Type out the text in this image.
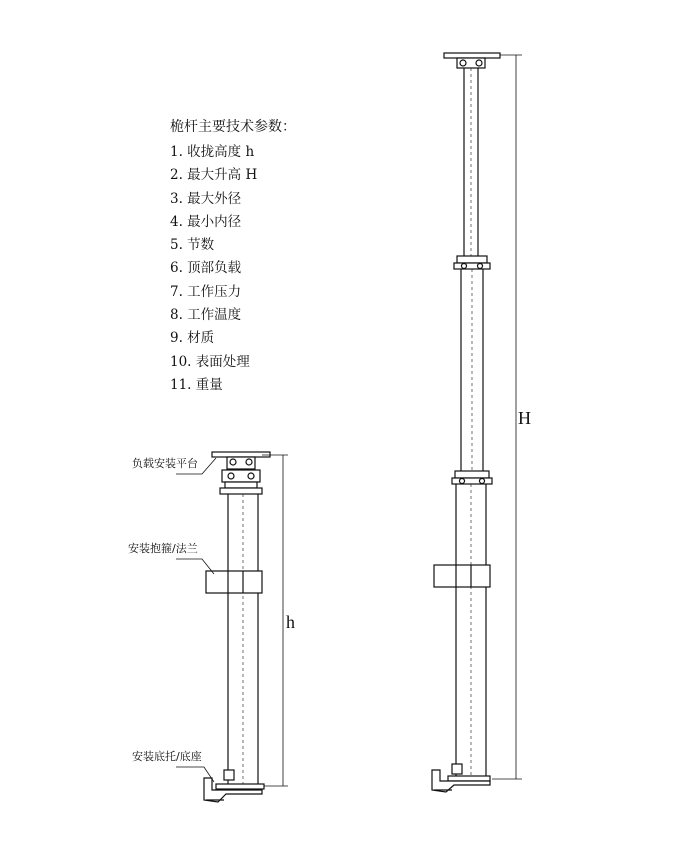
桅杆主要技术参数：
1. 收拢高度 h
2. 最大升高 H
3. 最大外径
4. 最小内径
5. 节数
6. 顶部负载
7. 工作压力
8. 工作温度
9. 材质
10. 表面处理
11. 重量
负载安装平台
安装抱箍/法兰
安装底托/底座
h
H
